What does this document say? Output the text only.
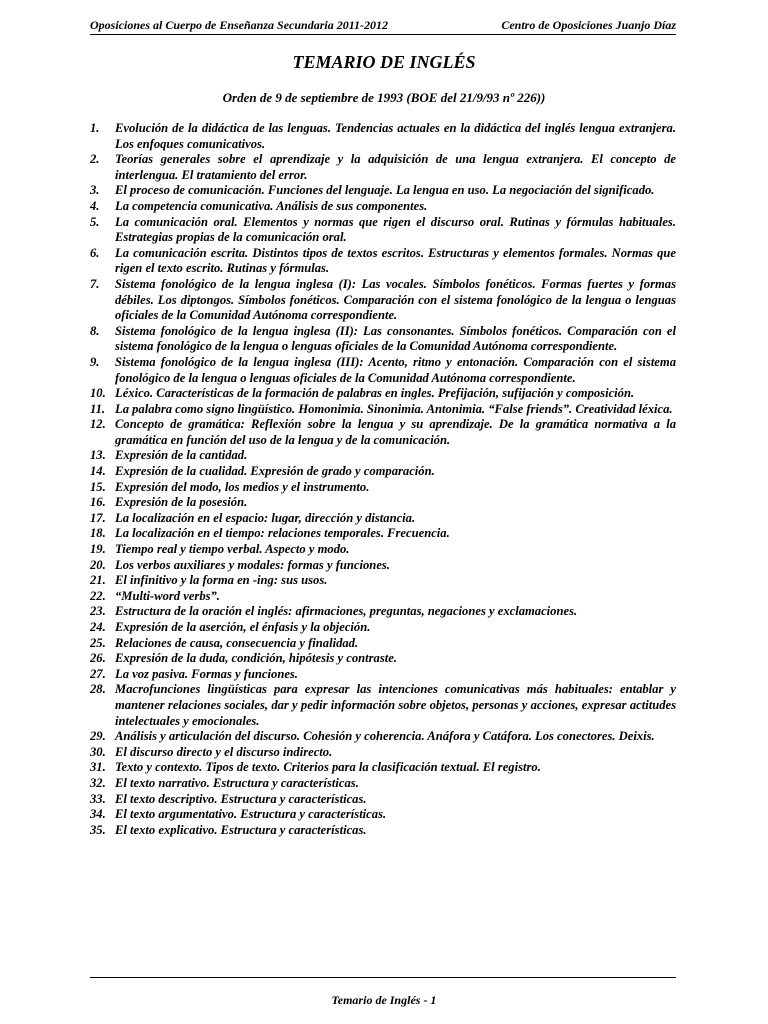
Oposiciones al Cuerpo de Enseñanza Secundaria 2011-2012	Centro de Oposiciones Juanjo Díaz
TEMARIO DE INGLÉS
Orden de 9 de septiembre de 1993 (BOE del 21/9/93 nº 226))
1.	Evolución de la didáctica de las lenguas. Tendencias actuales en la didáctica del inglés lengua extranjera. Los enfoques comunicativos.
2.	Teorías generales sobre el aprendizaje y la adquisición de una lengua extranjera. El concepto de interlengua. El tratamiento del error.
3.	El proceso de comunicación. Funciones del lenguaje. La lengua en uso. La negociación del significado.
4.	La competencia comunicativa. Análisis de sus componentes.
5.	La comunicación oral. Elementos y normas que rigen el discurso oral. Rutinas y fórmulas habituales. Estrategias propias de la comunicación oral.
6.	La comunicación escrita. Distintos tipos de textos escritos. Estructuras y elementos formales. Normas que rigen el texto escrito. Rutinas y fórmulas.
7.	Sistema fonológico de la lengua inglesa (I): Las vocales. Símbolos fonéticos. Formas fuertes y formas débiles. Los diptongos. Símbolos fonéticos. Comparación con el sistema fonológico de la lengua o lenguas oficiales de la Comunidad Autónoma correspondiente.
8.	Sistema fonológico de la lengua inglesa (II): Las consonantes. Símbolos fonéticos. Comparación con el sistema fonológico de la lengua o lenguas oficiales de la Comunidad Autónoma correspondiente.
9.	Sistema fonológico de la lengua inglesa (III): Acento, ritmo y entonación. Comparación con el sistema fonológico de la lengua o lenguas oficiales de la Comunidad Autónoma correspondiente.
10. Léxico. Características de la formación de palabras en ingles. Prefijación, sufijación y composición.
11. La palabra como signo lingüístico. Homonimia. Sinonimia. Antonimia. “False friends”. Creatividad léxica.
12. Concepto de gramática: Reflexión sobre la lengua y su aprendizaje. De la gramática normativa a la gramática en función del uso de la lengua y de la comunicación.
13. Expresión de la cantidad.
14. Expresión de la cualidad. Expresión de grado y comparación.
15. Expresión del modo, los medios y el instrumento.
16. Expresión de la posesión.
17. La localización en el espacio: lugar, dirección y distancia.
18. La localización en el tiempo: relaciones temporales. Frecuencia.
19. Tiempo real y tiempo verbal. Aspecto y modo.
20. Los verbos auxiliares y modales: formas y funciones.
21. El infinitivo y la forma en -ing: sus usos.
22. “Multi-word verbs”.
23. Estructura de la oración el inglés: afirmaciones, preguntas, negaciones y exclamaciones.
24. Expresión de la aserción, el énfasis y la objeción.
25. Relaciones de causa, consecuencia y finalidad.
26. Expresión de la duda, condición, hipótesis y contraste.
27. La voz pasiva. Formas y funciones.
28. Macrofunciones lingüísticas para expresar las intenciones comunicativas más habituales: entablar y mantener relaciones sociales, dar y pedir información sobre objetos, personas y acciones, expresar actitudes intelectuales y emocionales.
29. Análisis y articulación del discurso. Cohesión y coherencia. Anáfora y Catáfora. Los conectores. Deixis.
30. El discurso directo y el discurso indirecto.
31. Texto y contexto. Tipos de texto. Criterios para la clasificación textual. El registro.
32. El texto narrativo. Estructura y características.
33. El texto descriptivo. Estructura y características.
34. El texto argumentativo. Estructura y características.
35. El texto explicativo. Estructura y características.
Temario de Inglés - 1
